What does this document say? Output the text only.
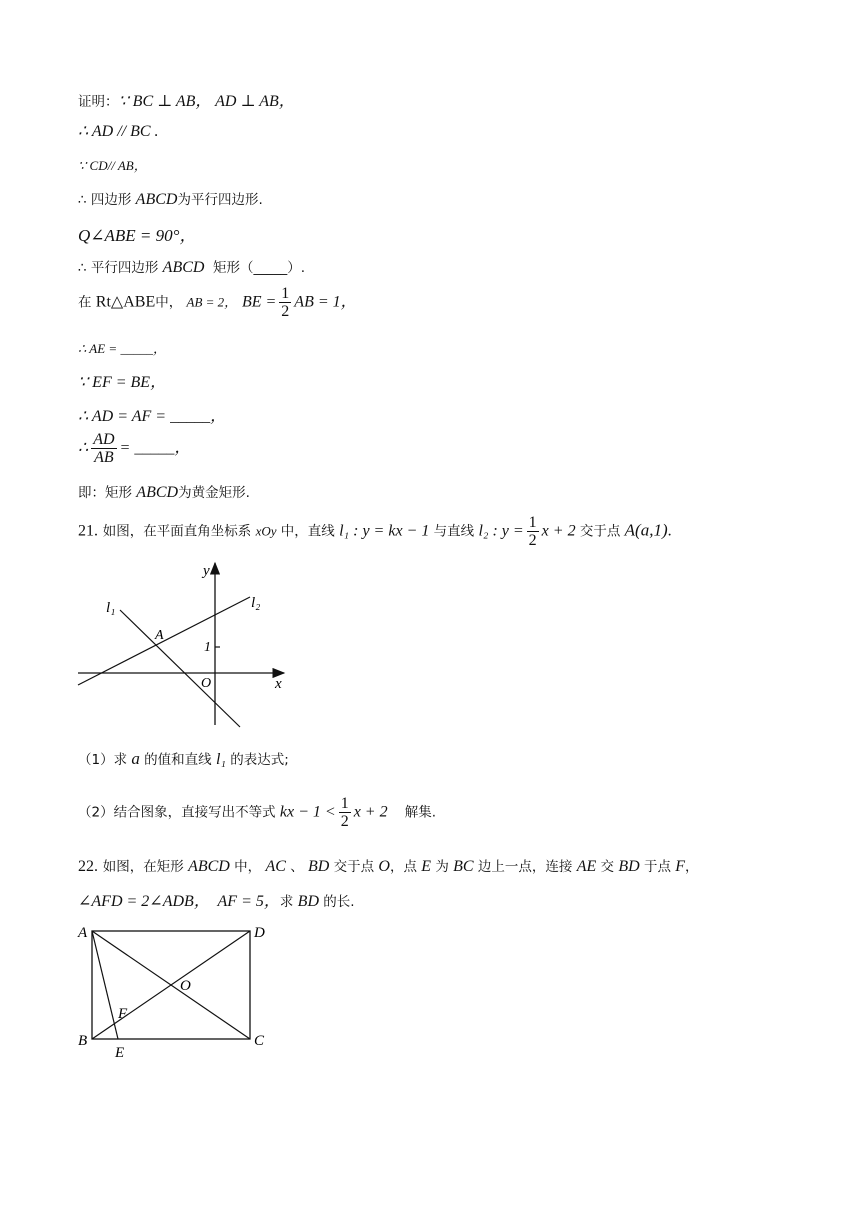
证明：∵ BC ⊥ AB， AD ⊥ AB，
∴ AD // BC .
∵ CD// AB，
∴ 四边形 ABCD为平行四边形.
Q∠ABE = 90°，
∴ 平行四边形 ABCD  矩形（_____）.
在 Rt△ABE中， AB = 2， BE = $\frac{1}{2}$ AB = 1，
∴ AE = _____，
∵ EF = BE，
∴ AD = AF = _____，
∴ $\frac{AD}{AB}$ = _____，
即：矩形 ABCD为黄金矩形.
21. 如图，在平面直角坐标系 xOy 中，直线 l₁ : y = kx − 1 与直线 l₂ : $y = \frac{1}{2}$ x + 2 交于点 A(a,1).
y
x
O
1
l₁	l₂
A
（1）求 a 的值和直线 l₁ 的表达式;
（2）结合图象，直接写出不等式 kx − $1 < \frac{1}{2}$ x + 2    解集.
22. 如图，在矩形 ABCD 中， AC 、 BD 交于点 O，点 E 为 BC 边上一点，连接 AE 交 BD 于点 F，
∠AFD = 2∠ADB，  AF = 5，求 BD 的长.
A	D
B	C
O
F
E
